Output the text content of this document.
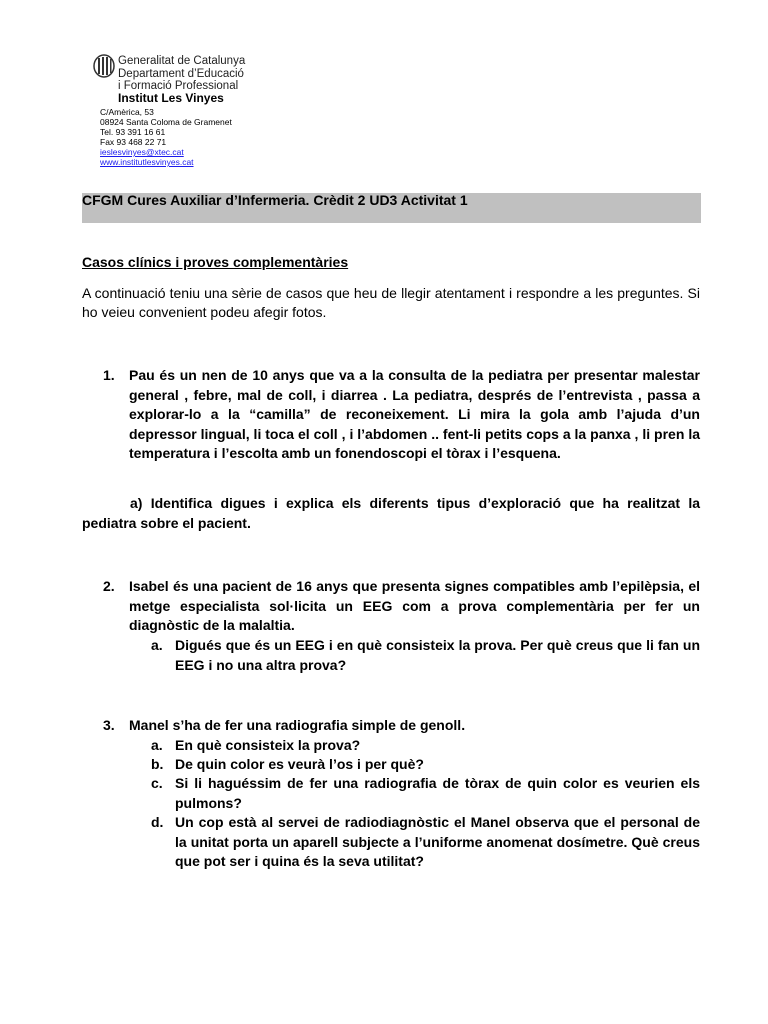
Generalitat de Catalunya
Departament d’Educació
i Formació Professional
Institut Les Vinyes
C/Amèrica, 53
08924 Santa Coloma de Gramenet
Tel. 93 391 16 61
Fax 93 468 22 71
ieslesvinyes@xtec.cat
www.institutlesvinyes.cat
CFGM Cures Auxiliar d’Infermeria. Crèdit 2 UD3 Activitat 1
Casos clínics i proves complementàries
A continuació teniu una sèrie de casos que heu de llegir atentament i respondre a les preguntes. Si ho veieu convenient podeu afegir fotos.
1. Pau és un nen de 10 anys que va a la consulta de la pediatra per presentar malestar general , febre, mal de coll, i diarrea . La pediatra, després de l’entrevista , passa a explorar-lo a la “camilla” de reconeixement. Li mira la gola amb l’ajuda d’un depressor lingual, li toca el coll , i l’abdomen .. fent-li petits cops a la panxa , li pren la temperatura i l’escolta amb un fonendoscopi el tòrax i l’esquena.
a) Identifica digues i explica els diferents tipus d’exploració que ha realitzat la pediatra sobre el pacient.
2. Isabel és una pacient de 16 anys que presenta signes compatibles amb l’epilèpsia, el metge especialista sol·licita un EEG com a prova complementària per fer un diagnòstic de la malaltia.
a. Digués que és un EEG i en què consisteix la prova. Per què creus que li fan un EEG i no una altra prova?
3. Manel s’ha de fer una radiografia simple de genoll.
a. En què consisteix la prova?
b. De quin color es veurà l’os i per què?
c. Si li haguéssim de fer una radiografia de tòrax de quin color es veurien els pulmons?
d. Un cop està al servei de radiodiagnòstic el Manel observa que el personal de la unitat porta un aparell subjecte a l’uniforme anomenat dosímetre. Què creus que pot ser i quina és la seva utilitat?
